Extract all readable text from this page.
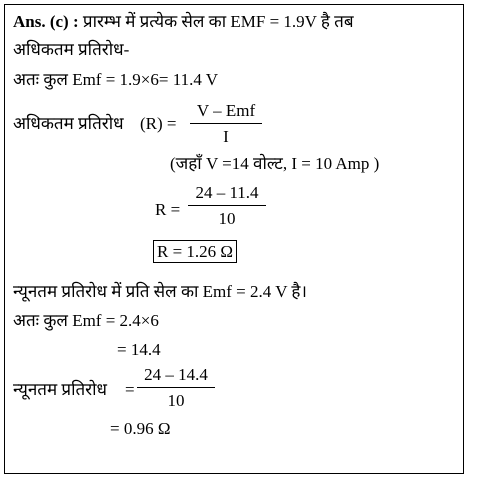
Ans. (c) : प्रारम्भ में प्रत्येक सेल का EMF = 1.9V है तब
अधिकतम प्रतिरोध-
अतः कुल Emf = 1.9×6= 11.4 V
अधिकतम प्रतिरोध (R) =
V – Emf
I
(जहाँ V =14 वोल्ट, I = 10 Amp )
R =
24 – 11.4
10
R = 1.26 Ω
न्यूनतम प्रतिरोध में प्रति सेल का Emf = 2.4 V है।
अतः कुल Emf = 2.4×6
= 14.4
न्यूनतम प्रतिरोध =
24 – 14.4
10
= 0.96 Ω
